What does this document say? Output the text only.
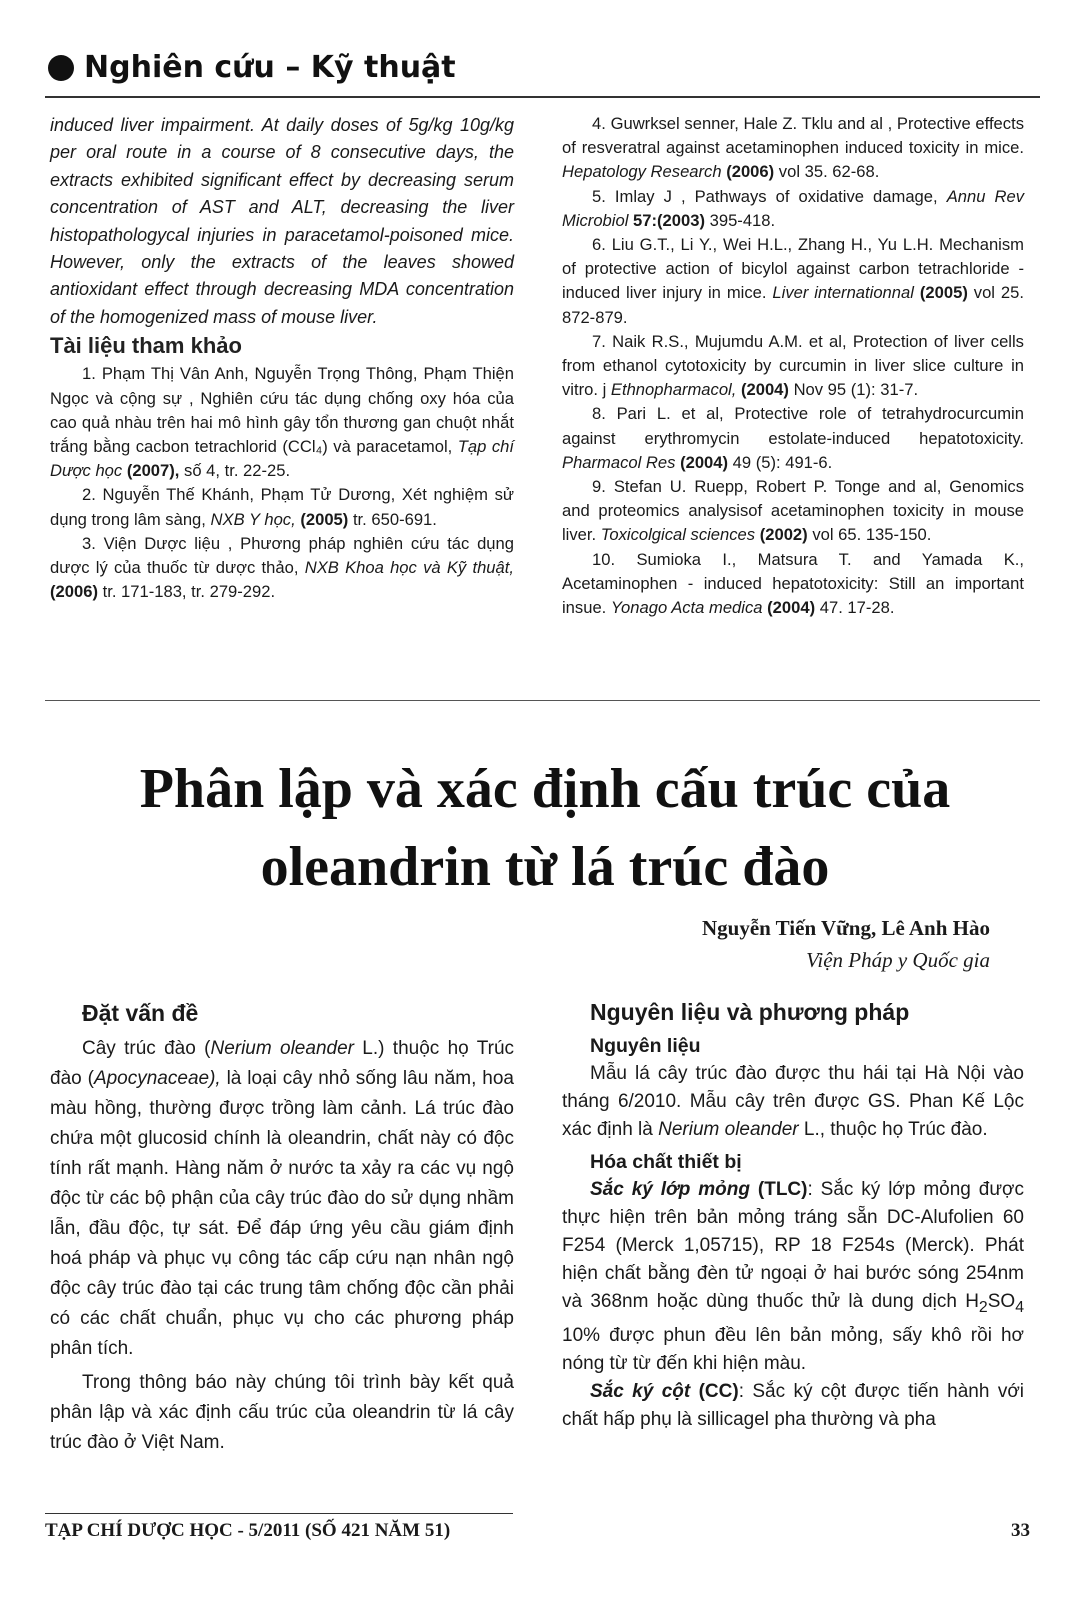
Nghiên cứu – Kỹ thuật

induced liver impairment. At daily doses of 5g/kg 10g/kg per oral route in a course of 8 consecutive days, the extracts exhibited significant effect by decreasing serum concentration of AST and ALT, decreasing the liver histopathologycal injuries in paracetamol-poisoned mice. However, only the extracts of the leaves showed antioxidant effect through decreasing MDA concentration of the homogenized mass of mouse liver.

Tài liệu tham khảo

1. Phạm Thị Vân Anh, Nguyễn Trọng Thông, Phạm Thiện Ngọc và cộng sự , Nghiên cứu tác dụng chống oxy hóa của cao quả nhàu trên hai mô hình gây tổn thương gan chuột nhắt trắng bằng cacbon tetrachlorid (CCl₄) và paracetamol, Tạp chí Dược học (2007), số 4, tr. 22-25.

2. Nguyễn Thế Khánh, Phạm Tử Dương, Xét nghiệm sử dụng trong lâm sàng, NXB Y học, (2005) tr. 650-691.

3. Viện Dược liệu , Phương pháp nghiên cứu tác dụng dược lý của thuốc từ dược thảo, NXB Khoa học và Kỹ thuật, (2006) tr. 171-183, tr. 279-292.

4. Guwrksel senner, Hale Z. Tklu and al , Protective effects of resveratral against acetaminophen induced toxicity in mice. Hepatology Research (2006) vol 35. 62-68.

5. Imlay J , Pathways of oxidative damage, Annu Rev Microbiol 57:(2003) 395-418.

6. Liu G.T., Li Y., Wei H.L., Zhang H., Yu L.H. Mechanism of protective action of bicylol against carbon tetrachloride - induced liver injury in mice. Liver internationnal (2005) vol 25. 872-879.

7. Naik R.S., Mujumdu A.M. et al, Protection of liver cells from ethanol cytotoxicity by curcumin in liver slice culture in vitro. j Ethnopharmacol, (2004) Nov 95 (1): 31-7.

8. Pari L. et al, Protective role of tetrahydrocurcumin against erythromycin estolate-induced hepatotoxicity. Pharmacol Res (2004) 49 (5): 491-6.

9. Stefan U. Ruepp, Robert P. Tonge and al, Genomics and proteomics analysisof acetaminophen toxicity in mouse liver. Toxicolgical sciences (2002) vol 65. 135-150.

10. Sumioka I., Matsura T. and Yamada K., Acetaminophen - induced hepatotoxicity: Still an important insue. Yonago Acta medica (2004) 47. 17-28.

Phân lập và xác định cấu trúc của
oleandrin từ lá trúc đào
Nguyễn Tiến Vững, Lê Anh Hào
Viện Pháp y Quốc gia

Đặt vấn đề

Cây trúc đào (Nerium oleander L.) thuộc họ Trúc đào (Apocynaceae), là loại cây nhỏ sống lâu năm, hoa màu hồng, thường được trồng làm cảnh. Lá trúc đào chứa một glucosid chính là oleandrin, chất này có độc tính rất mạnh. Hàng năm ở nước ta xảy ra các vụ ngộ độc từ các bộ phận của cây trúc đào do sử dụng nhầm lẫn, đầu độc, tự sát. Để đáp ứng yêu cầu giám định hoá pháp và phục vụ công tác cấp cứu nạn nhân ngộ độc cây trúc đào tại các trung tâm chống độc cần phải có các chất chuẩn, phục vụ cho các phương pháp phân tích.

Trong thông báo này chúng tôi trình bày kết quả phân lập và xác định cấu trúc của oleandrin từ lá cây trúc đào ở Việt Nam.

Nguyên liệu và phương pháp

Nguyên liệu

Mẫu lá cây trúc đào được thu hái tại Hà Nội vào tháng 6/2010. Mẫu cây trên được GS. Phan Kế Lộc xác định là Nerium oleander L., thuộc họ Trúc đào.

Hóa chất thiết bị

Sắc ký lớp mỏng (TLC): Sắc ký lớp mỏng được thực hiện trên bản mỏng tráng sẵn DC-Alufolien 60 F254 (Merck 1,05715), RP 18 F254s (Merck). Phát hiện chất bằng đèn tử ngoại ở hai bước sóng 254nm và 368nm hoặc dùng thuốc thử là dung dịch $H_2SO_4$ 10% được phun đều lên bản mỏng, sấy khô rồi hơ nóng từ từ đến khi hiện màu.

Sắc ký cột (CC): Sắc ký cột được tiến hành với chất hấp phụ là sillicagel pha thường và pha

TẠP CHÍ DƯỢC HỌC - 5/2011 (SỐ 421 NĂM 51)	33
